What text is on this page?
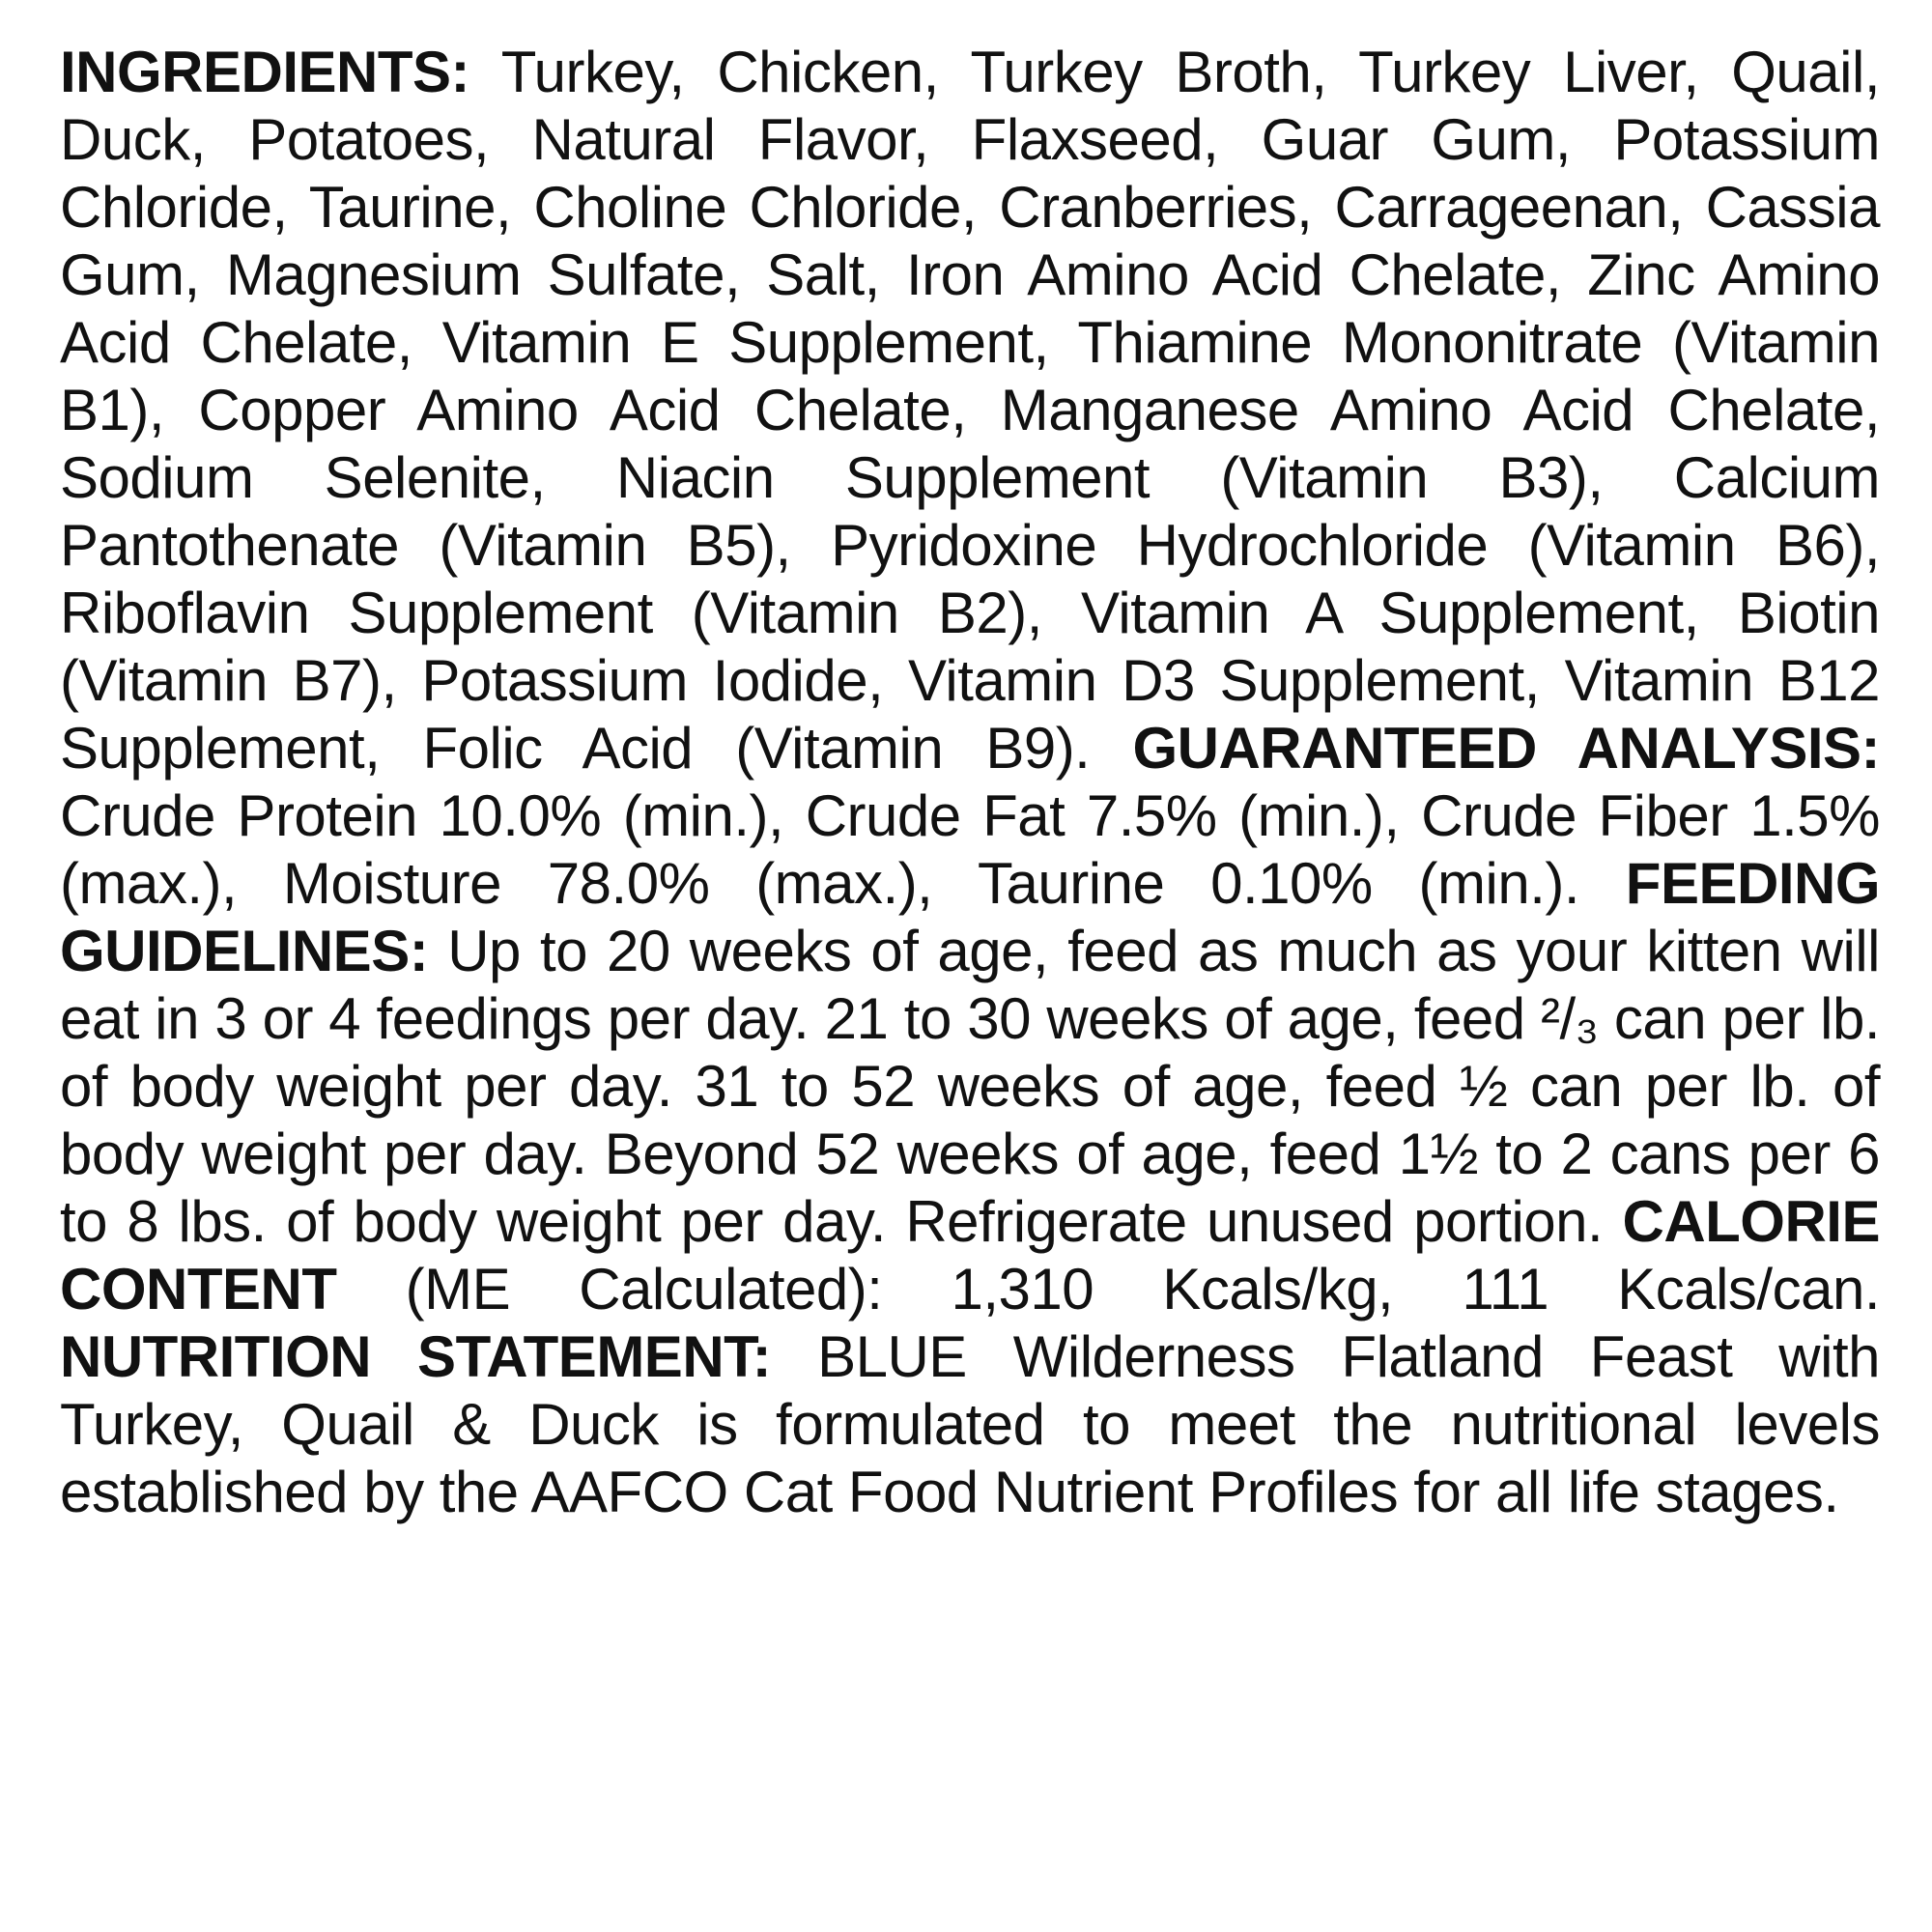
INGREDIENTS: Turkey, Chicken, Turkey Broth, Turkey Liver, Quail, Duck, Potatoes, Natural Flavor, Flaxseed, Guar Gum, Potassium Chloride, Taurine, Choline Chloride, Cranberries, Carrageenan, Cassia Gum, Magnesium Sulfate, Salt, Iron Amino Acid Chelate, Zinc Amino Acid Chelate, Vitamin E Supplement, Thiamine Mononitrate (Vitamin B1), Copper Amino Acid Chelate, Manganese Amino Acid Chelate, Sodium Selenite, Niacin Supplement (Vitamin B3), Calcium Pantothenate (Vitamin B5), Pyridoxine Hydrochloride (Vitamin B6), Riboflavin Supplement (Vitamin B2), Vitamin A Supplement, Biotin (Vitamin B7), Potassium Iodide, Vitamin D3 Supplement, Vitamin B12 Supplement, Folic Acid (Vitamin B9). GUARANTEED ANALYSIS: Crude Protein 10.0% (min.), Crude Fat 7.5% (min.), Crude Fiber 1.5% (max.), Moisture 78.0% (max.), Taurine 0.10% (min.). FEEDING GUIDELINES: Up to 20 weeks of age, feed as much as your kitten will eat in 3 or 4 feedings per day. 21 to 30 weeks of age, feed ²/₃ can per lb. of body weight per day. 31 to 52 weeks of age, feed ½ can per lb. of body weight per day. Beyond 52 weeks of age, feed 1½ to 2 cans per 6 to 8 lbs. of body weight per day. Refrigerate unused portion. CALORIE CONTENT (ME Calculated): 1,310 Kcals/kg, 111 Kcals/can. NUTRITION STATEMENT: BLUE Wilderness Flatland Feast with Turkey, Quail & Duck is formulated to meet the nutritional levels established by the AAFCO Cat Food Nutrient Profiles for all life stages.
